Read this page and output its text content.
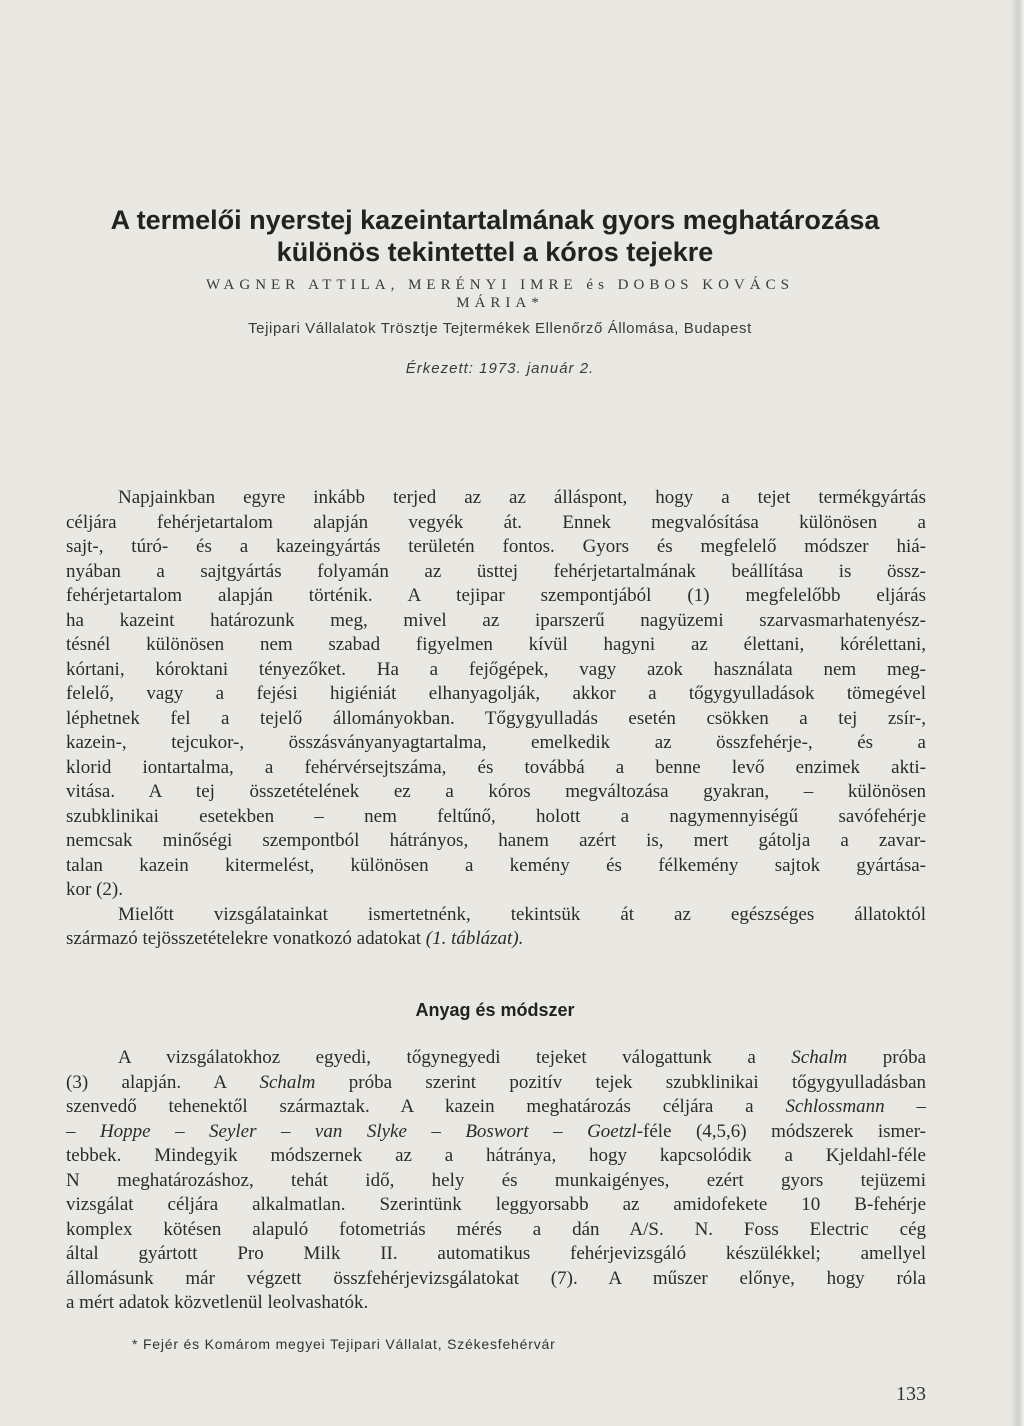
A termelői nyerstej kazeintartalmának gyors meghatározása
különös tekintettel a kóros tejekre
WAGNER ATTILA, MERÉNYI IMRE és DOBOS KOVÁCS
MÁRIA*
Tejipari Vállalatok Trösztje Tejtermékek Ellenőrző Állomása, Budapest
Érkezett: 1973. január 2.
Napjainkban egyre inkább terjed az az álláspont, hogy a tejet termékgyártás
céljára fehérjetartalom alapján vegyék át. Ennek megvalósítása különösen a
sajt-, túró- és a kazeingyártás területén fontos. Gyors és megfelelő módszer hiá-
nyában a sajtgyártás folyamán az üsttej fehérjetartalmának beállítása is össz-
fehérjetartalom alapján történik. A tejipar szempontjából (1) megfelelőbb eljárás
ha kazeint határozunk meg, mivel az iparszerű nagyüzemi szarvasmarhatenyész-
tésnél különösen nem szabad figyelmen kívül hagyni az élettani, kórélettani,
kórtani, kóroktani tényezőket. Ha a fejőgépek, vagy azok használata nem meg-
felelő, vagy a fejési higiéniát elhanyagolják, akkor a tőgygyulladások tömegével
léphetnek fel a tejelő állományokban. Tőgygyulladás esetén csökken a tej zsír-,
kazein-, tejcukor-, összásványanyagtartalma, emelkedik az összfehérje-, és a
klorid iontartalma, a fehérvérsejtszáma, és továbbá a benne levő enzimek akti-
vitása. A tej összetételének ez a kóros megváltozása gyakran, – különösen
szubklinikai esetekben – nem feltűnő, holott a nagymennyiségű savófehérje
nemcsak minőségi szempontból hátrányos, hanem azért is, mert gátolja a zavar-
talan kazein kitermelést, különösen a kemény és félkemény sajtok gyártása-
kor (2).
Mielőtt vizsgálatainkat ismertetnénk, tekintsük át az egészséges állatoktól
származó tejösszetételekre vonatkozó adatokat (1. táblázat).
Anyag és módszer
A vizsgálatokhoz egyedi, tőgynegyedi tejeket válogattunk a Schalm próba
(3) alapján. A Schalm próba szerint pozitív tejek szubklinikai tőgygyulladásban
szenvedő tehenektől származtak. A kazein meghatározás céljára a Schlossmann –
– Hoppe – Seyler – van Slyke – Boswort – Goetzl-féle (4,5,6) módszerek ismer-
tebbek. Mindegyik módszernek az a hátránya, hogy kapcsolódik a Kjeldahl-féle
N meghatározáshoz, tehát idő, hely és munkaigényes, ezért gyors tejüzemi
vizsgálat céljára alkalmatlan. Szerintünk leggyorsabb az amidofekete 10 B-fehérje
komplex kötésen alapuló fotometriás mérés a dán A/S. N. Foss Electric cég
által gyártott Pro Milk II. automatikus fehérjevizsgáló készülékkel; amellyel
állomásunk már végzett összfehérjevizsgálatokat (7). A műszer előnye, hogy róla
a mért adatok közvetlenül leolvashatók.
* Fejér és Komárom megyei Tejipari Vállalat, Székesfehérvár
133
